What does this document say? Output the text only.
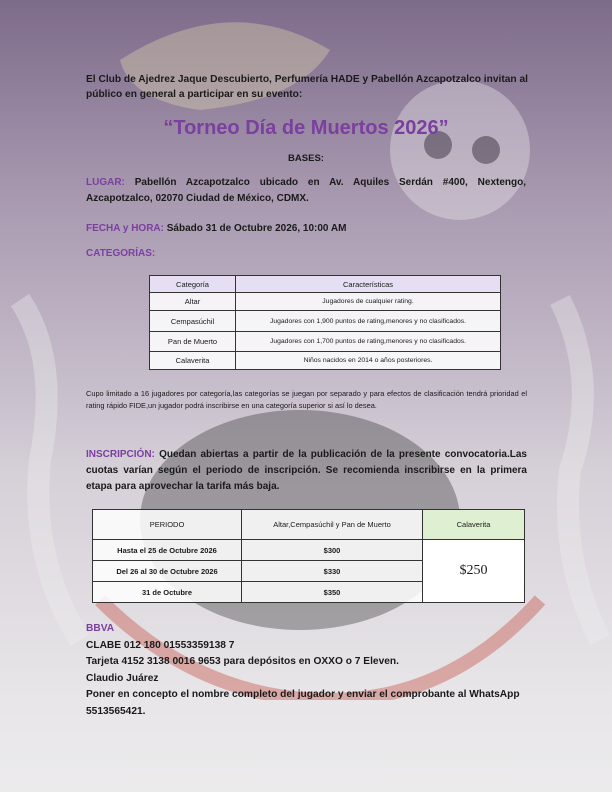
El Club de Ajedrez Jaque Descubierto, Perfumería HADE y Pabellón Azcapotzalco invitan al público en general a participar en su evento:
“Torneo Día de Muertos 2026”
BASES:
LUGAR: Pabellón Azcapotzalco ubicado en Av. Aquiles Serdán #400, Nextengo, Azcapotzalco, 02070 Ciudad de México, CDMX.
FECHA y HORA: Sábado 31 de Octubre 2026, 10:00 AM
CATEGORÍAS:
Categoría	Características
Altar	Jugadores de cualquier rating.
Cempasúchil	Jugadores con 1,900 puntos de rating,menores y no clasificados.
Pan de Muerto	Jugadores con 1,700 puntos de rating,menores y no clasificados.
Calaverita	Niños nacidos en 2014 o años posteriores.
Cupo limitado a 16 jugadores por categoría,las categorías se juegan por separado y para efectos de clasificación tendrá prioridad el rating rápido FIDE,un jugador podrá inscribirse en una categoría superior si así lo desea.
INSCRIPCIÓN: Quedan abiertas a partir de la publicación de la presente convocatoria.Las cuotas varían según el periodo de inscripción. Se recomienda inscribirse en la primera etapa para aprovechar la tarifa más baja.
PERIODO	Altar,Cempasúchil y Pan de Muerto	Calaverita
Hasta el 25 de Octubre 2026	$300	$250
Del 26 al 30 de Octubre 2026	$330	
31 de Octubre	$350	
BBVA
CLABE 012 180 01553359138 7
Tarjeta 4152 3138 0016 9653 para depósitos en OXXO o 7 Eleven.
Claudio Juárez
Poner en concepto el nombre completo del jugador y enviar el comprobante al WhatsApp 5513565421.
